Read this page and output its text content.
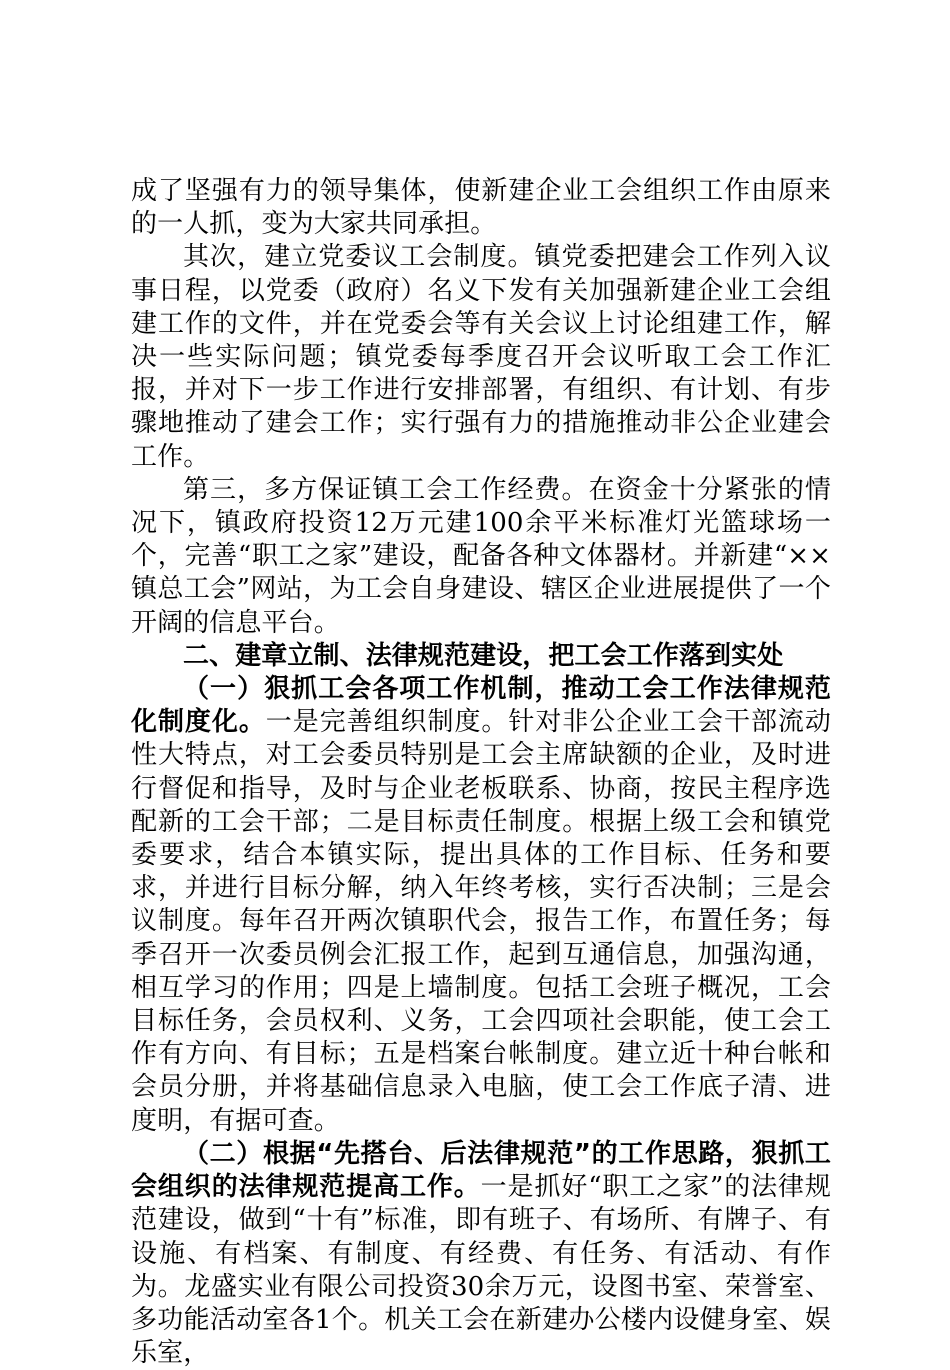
成了坚强有力的领导集体，使新建企业工会组织工作由原来的一人抓，变为大家共同承担。

其次，建立党委议工会制度。镇党委把建会工作列入议事日程，以党委（政府）名义下发有关加强新建企业工会组建工作的文件，并在党委会等有关会议上讨论组建工作，解决一些实际问题；镇党委每季度召开会议听取工会工作汇报，并对下一步工作进行安排部署，有组织、有计划、有步骤地推动了建会工作；实行强有力的措施推动非公企业建会工作。

第三，多方保证镇工会工作经费。在资金十分紧张的情况下，镇政府投资12万元建100余平米标准灯光篮球场一个，完善“职工之家”建设，配备各种文体器材。并新建“××镇总工会”网站，为工会自身建设、辖区企业进展提供了一个开阔的信息平台。

二、建章立制、法律规范建设，把工会工作落到实处

（一）狠抓工会各项工作机制，推动工会工作法律规范化制度化。一是完善组织制度。针对非公企业工会干部流动性大特点，对工会委员特别是工会主席缺额的企业，及时进行督促和指导，及时与企业老板联系、协商，按民主程序选配新的工会干部；二是目标责任制度。根据上级工会和镇党委要求，结合本镇实际，提出具体的工作目标、任务和要求，并进行目标分解，纳入年终考核，实行否决制；三是会议制度。每年召开两次镇职代会，报告工作，布置任务；每季召开一次委员例会汇报工作，起到互通信息，加强沟通，相互学习的作用；四是上墙制度。包括工会班子概况，工会目标任务，会员权利、义务，工会四项社会职能，使工会工作有方向、有目标；五是档案台帐制度。建立近十种台帐和会员分册，并将基础信息录入电脑，使工会工作底子清、进度明，有据可查。

（二）根据“先搭台、后法律规范”的工作思路，狠抓工会组织的法律规范提高工作。一是抓好“职工之家”的法律规范建设，做到“十有”标准，即有班子、有场所、有牌子、有设施、有档案、有制度、有经费、有任务、有活动、有作为。龙盛实业有限公司投资30余万元，设图书室、荣誉室、多功能活动室各1个。机关工会在新建办公楼内设健身室、娱乐室，
